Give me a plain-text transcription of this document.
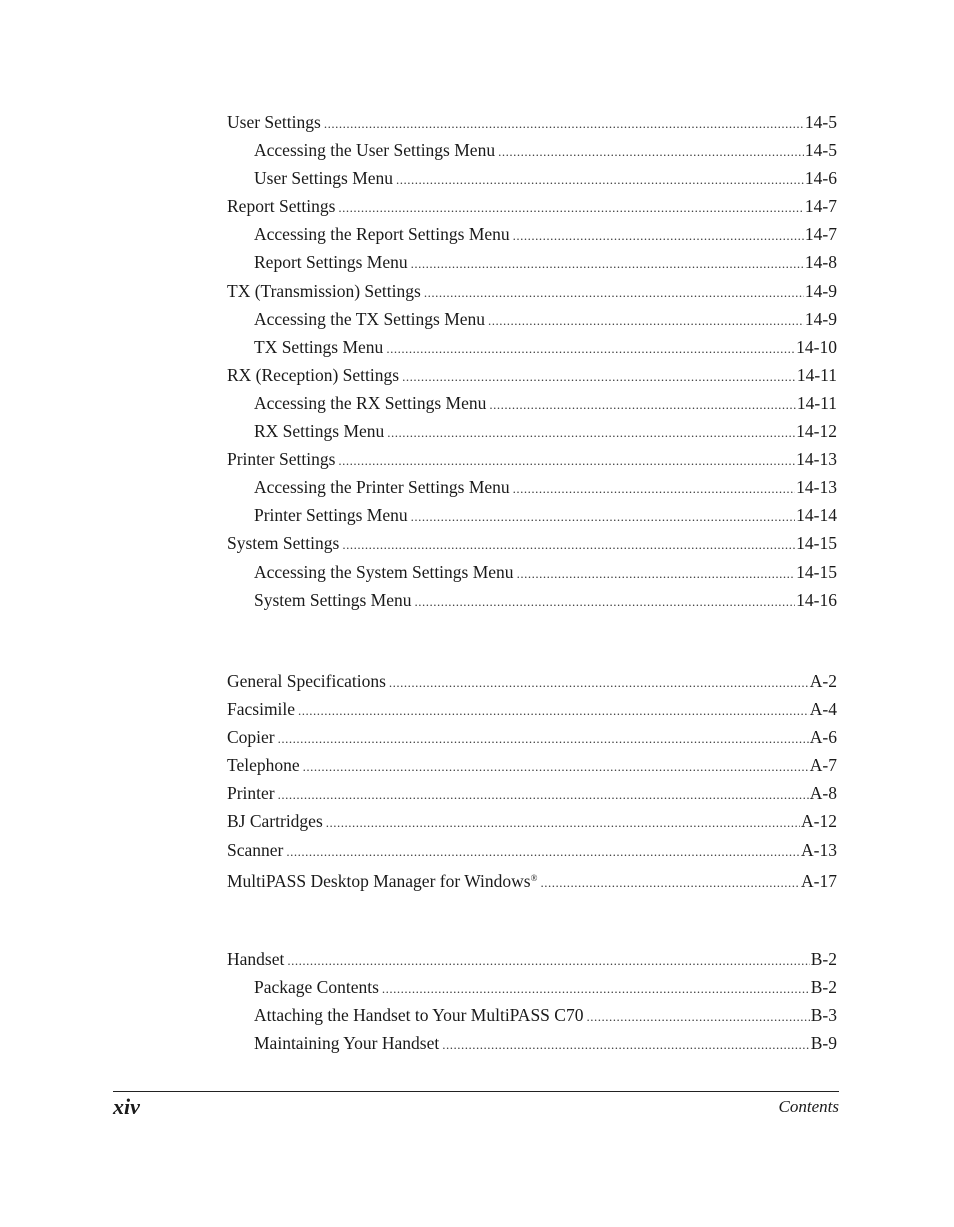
User Settings .....	14-5
Accessing the User Settings Menu .....	14-5
User Settings Menu .....	14-6
Report Settings .....	14-7
Accessing the Report Settings Menu .....	14-7
Report Settings Menu .....	14-8
TX (Transmission) Settings .....	14-9
Accessing the TX Settings Menu .....	14-9
TX Settings Menu .....	14-10
RX (Reception) Settings .....	14-11
Accessing the RX Settings Menu .....	14-11
RX Settings Menu .....	14-12
Printer Settings .....	14-13
Accessing the Printer Settings Menu .....	14-13
Printer Settings Menu .....	14-14
System Settings .....	14-15
Accessing the System Settings Menu .....	14-15
System Settings Menu .....	14-16
General Specifications .....	A-2
Facsimile .....	A-4
Copier .....	A-6
Telephone .....	A-7
Printer .....	A-8
BJ Cartridges .....	A-12
Scanner .....	A-13
MultiPASS Desktop Manager for Windows® .....	A-17
Handset .....	B-2
Package Contents .....	B-2
Attaching the Handset to Your MultiPASS C70 .....	B-3
Maintaining Your Handset .....	B-9
xiv	Contents
